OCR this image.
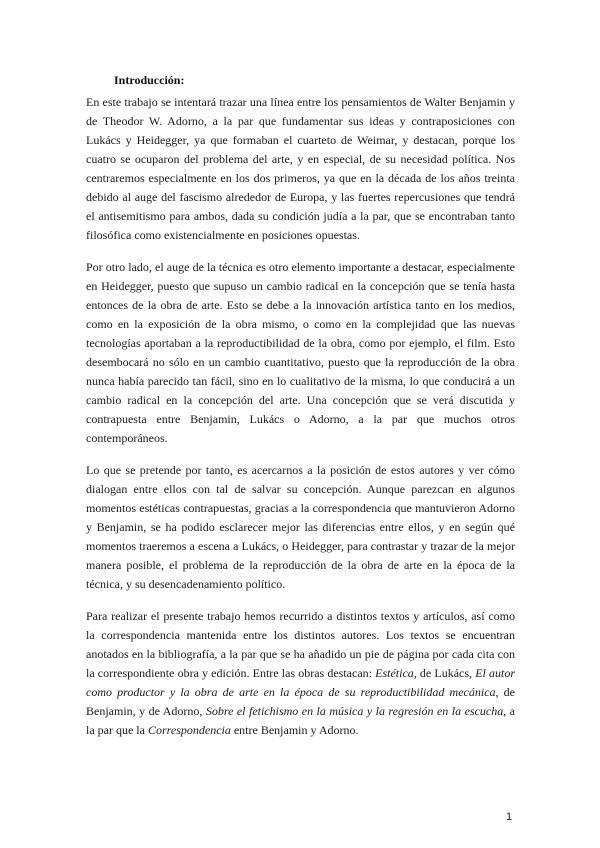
Introducción:

En este trabajo se intentará trazar una línea entre los pensamientos de Walter Benjamin y de Theodor W. Adorno, a la par que fundamentar sus ideas y contraposiciones con Lukács y Heidegger, ya que formaban el cuarteto de Weimar, y destacan, porque los cuatro se ocuparon del problema del arte, y en especial, de su necesidad política. Nos centraremos especialmente en los dos primeros, ya que en la década de los años treinta debido al auge del fascismo alrededor de Europa, y las fuertes repercusiones que tendrá el antisemitismo para ambos, dada su condición judía a la par, que se encontraban tanto filosófica como existencialmente en posiciones opuestas.

Por otro lado, el auge de la técnica es otro elemento importante a destacar, especialmente en Heidegger, puesto que supuso un cambio radical en la concepción que se tenía hasta entonces de la obra de arte. Esto se debe a la innovación artística tanto en los medios, como en la exposición de la obra mismo, o como en la complejidad que las nuevas tecnologías aportaban a la reproductibilidad de la obra, como por ejemplo, el film. Esto desembocará no sólo en un cambio cuantitativo, puesto que la reproducción de la obra nunca había parecido tan fácil, sino en lo cualitativo de la misma, lo que conducirá a un cambio radical en la concepción del arte. Una concepción que se verá discutida y contrapuesta entre Benjamin, Lukács o Adorno, a la par que muchos otros contemporáneos.

Lo que se pretende por tanto, es acercarnos a la posición de estos autores y ver cómo dialogan entre ellos con tal de salvar su concepción. Aunque parezcan en algunos momentos estéticas contrapuestas, gracias a la correspondencia que mantuvieron Adorno y Benjamin, se ha podido esclarecer mejor las diferencias entre ellos, y en según qué momentos traeremos a escena a Lukács, o Heidegger, para contrastar y trazar de la mejor manera posible, el problema de la reproducción de la obra de arte en la época de la técnica, y su desencadenamiento político.

Para realizar el presente trabajo hemos recurrido a distintos textos y artículos, así como la correspondencia mantenida entre los distintos autores. Los textos se encuentran anotados en la bibliografía, a la par que se ha añadido un pie de página por cada cita con la correspondiente obra y edición. Entre las obras destacan: Estética, de Lukács, El autor como productor y la obra de arte en la época de su reproductibilidad mecánica, de Benjamin, y de Adorno, Sobre el fetichismo en la música y la regresión en la escucha, a la par que la Correspondencia entre Benjamin y Adorno.

1
